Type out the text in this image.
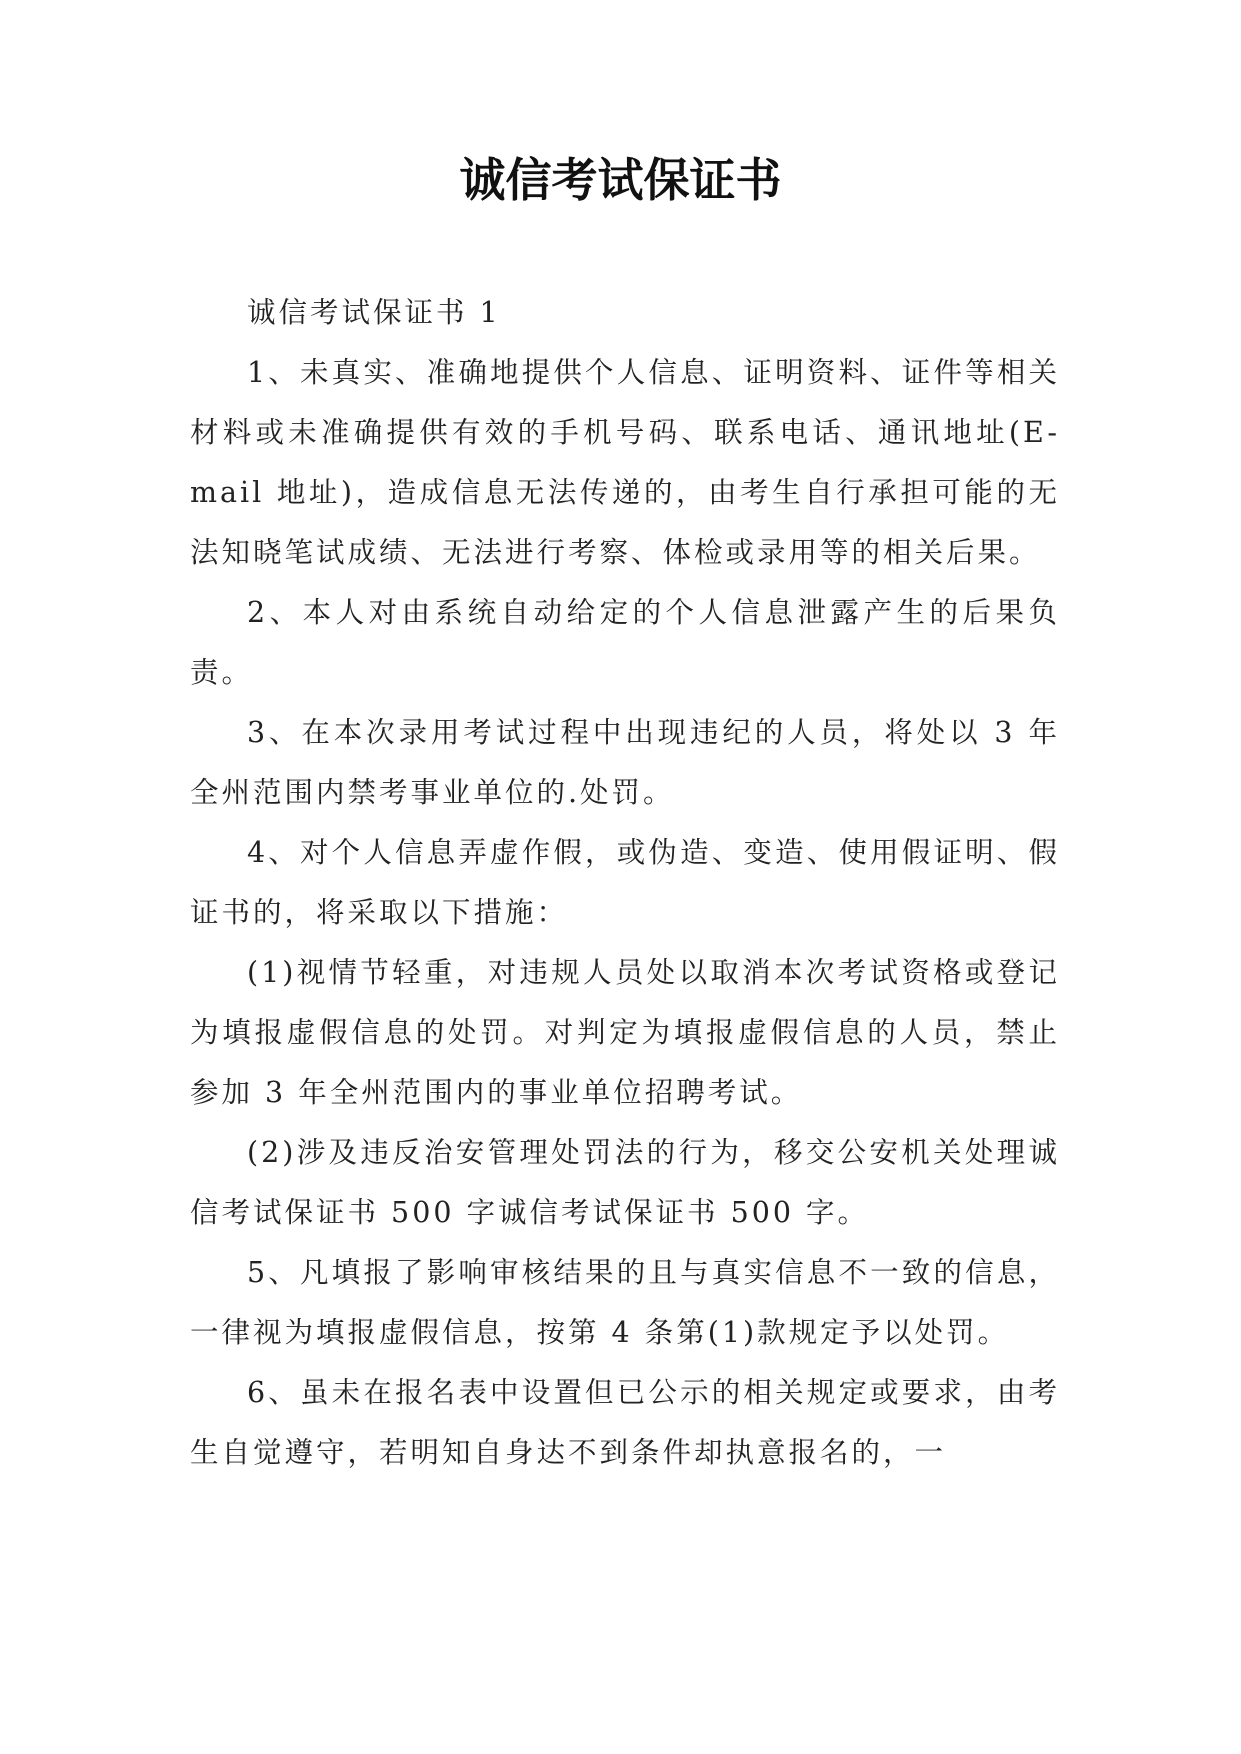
诚信考试保证书

诚信考试保证书 1

1、未真实、准确地提供个人信息、证明资料、证件等相关材料或未准确提供有效的手机号码、联系电话、通讯地址(E-mail 地址)，造成信息无法传递的，由考生自行承担可能的无法知晓笔试成绩、无法进行考察、体检或录用等的相关后果。

2、本人对由系统自动给定的个人信息泄露产生的后果负责。

3、在本次录用考试过程中出现违纪的人员，将处以 3 年全州范围内禁考事业单位的.处罚。

4、对个人信息弄虚作假，或伪造、变造、使用假证明、假证书的，将采取以下措施：

(1)视情节轻重，对违规人员处以取消本次考试资格或登记为填报虚假信息的处罚。对判定为填报虚假信息的人员，禁止参加 3 年全州范围内的事业单位招聘考试。

(2)涉及违反治安管理处罚法的行为，移交公安机关处理诚信考试保证书 500 字诚信考试保证书 500 字。

5、凡填报了影响审核结果的且与真实信息不一致的信息，一律视为填报虚假信息，按第 4 条第(1)款规定予以处罚。

6、虽未在报名表中设置但已公示的相关规定或要求，由考生自觉遵守，若明知自身达不到条件却执意报名的，一
